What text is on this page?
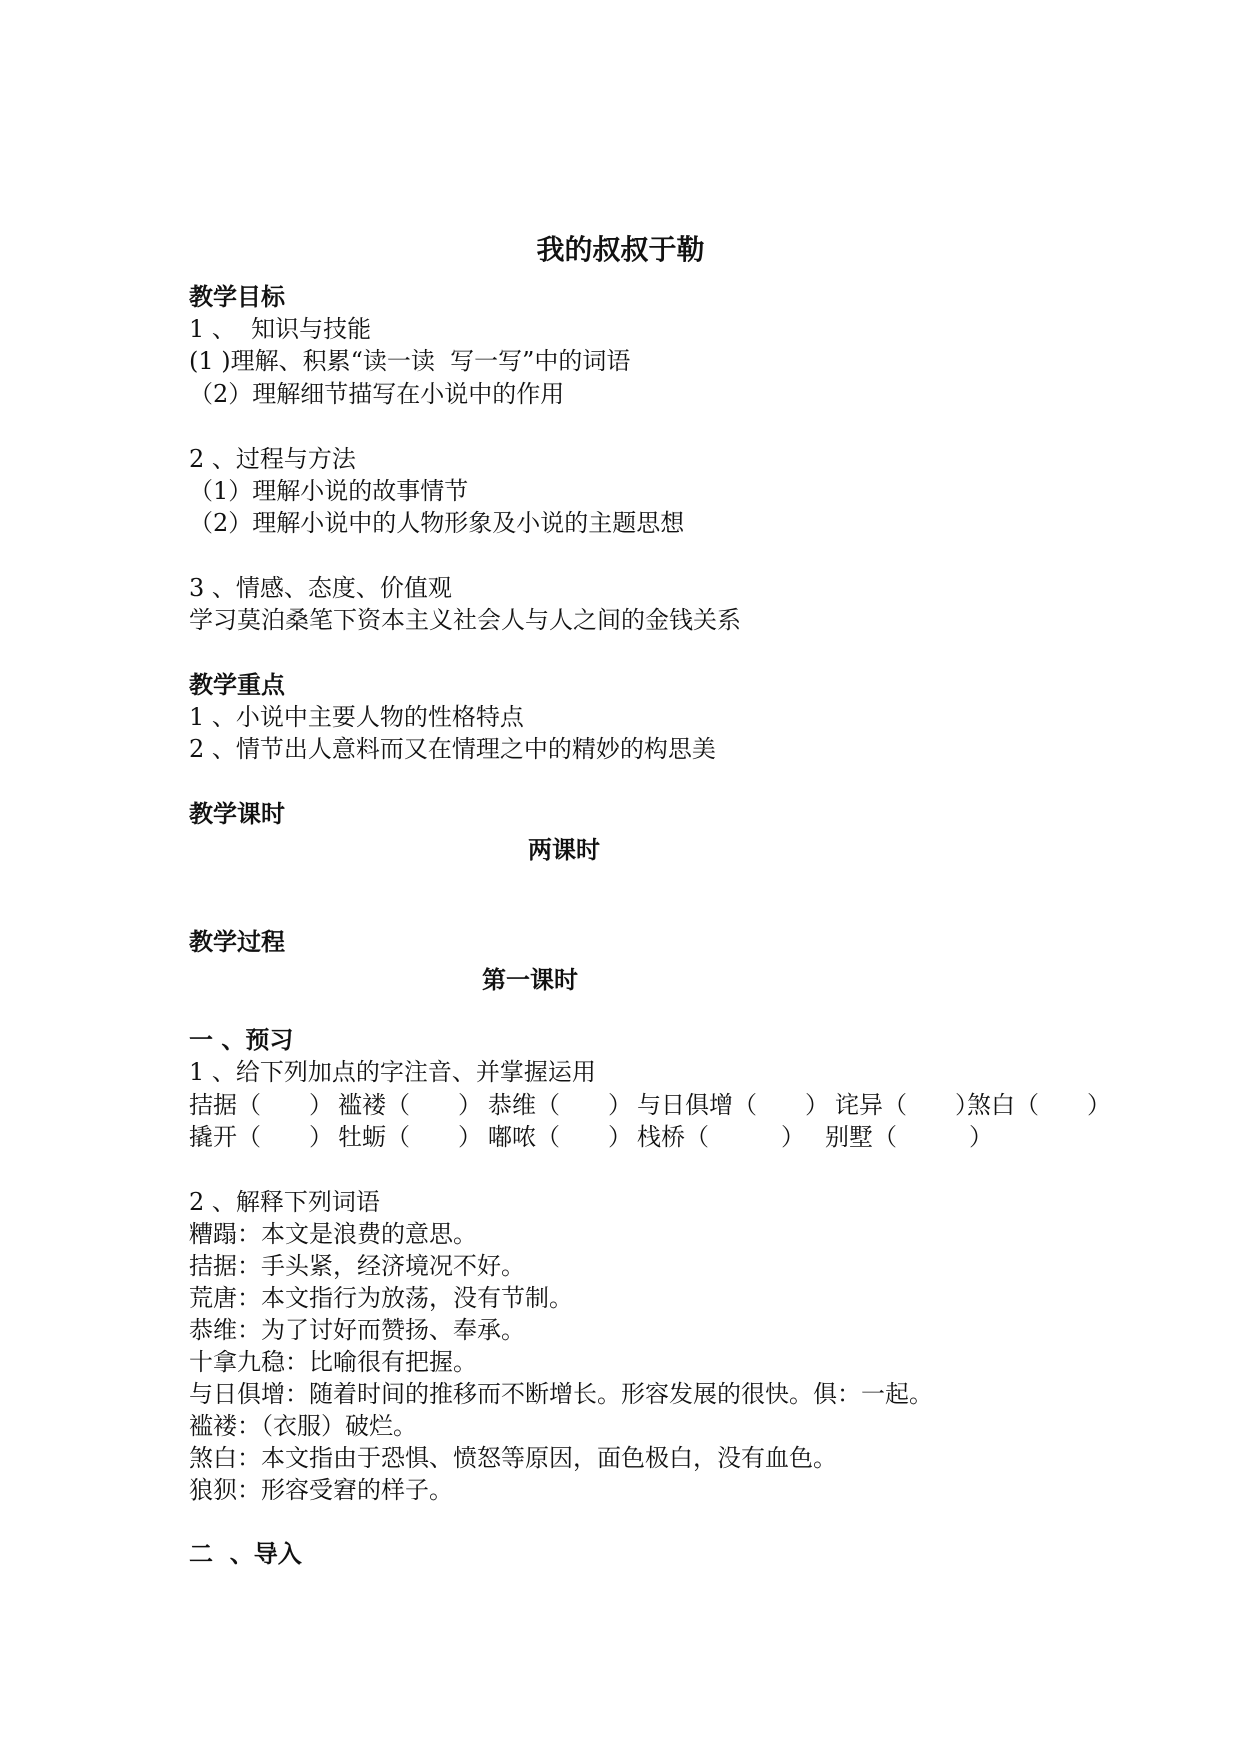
我的叔叔于勒
教学目标
1 、  知识与技能
(1 )理解、积累“读一读  写一写”中的词语
（2）理解细节描写在小说中的作用
2 、过程与方法
（1）理解小说的故事情节
（2）理解小说中的人物形象及小说的主题思想
3 、情感、态度、价值观
学习莫泊桑笔下资本主义社会人与人之间的金钱关系
教学重点
1 、小说中主要人物的性格特点
2 、情节出人意料而又在情理之中的精妙的构思美
教学课时
两课时
教学过程
第一课时
一 、预习
1 、给下列加点的字注音、并掌握运用
拮据（　　） 褴褛（　　） 恭维（　　） 与日俱增（　　） 诧异（　　）
煞白（　　）
撬开（　　） 牡蛎（　　） 嘟哝（　　） 栈桥（　　　） 别墅（　　　）
2 、解释下列词语
糟蹋：本文是浪费的意思。
拮据：手头紧，经济境况不好。
荒唐：本文指行为放荡，没有节制。
恭维：为了讨好而赞扬、奉承。
十拿九稳：比喻很有把握。
与日俱增：随着时间的推移而不断增长。形容发展的很快。俱：一起。
褴褛：（衣服）破烂。
煞白：本文指由于恐惧、愤怒等原因，面色极白，没有血色。
狼狈：形容受窘的样子。
二  、导入
